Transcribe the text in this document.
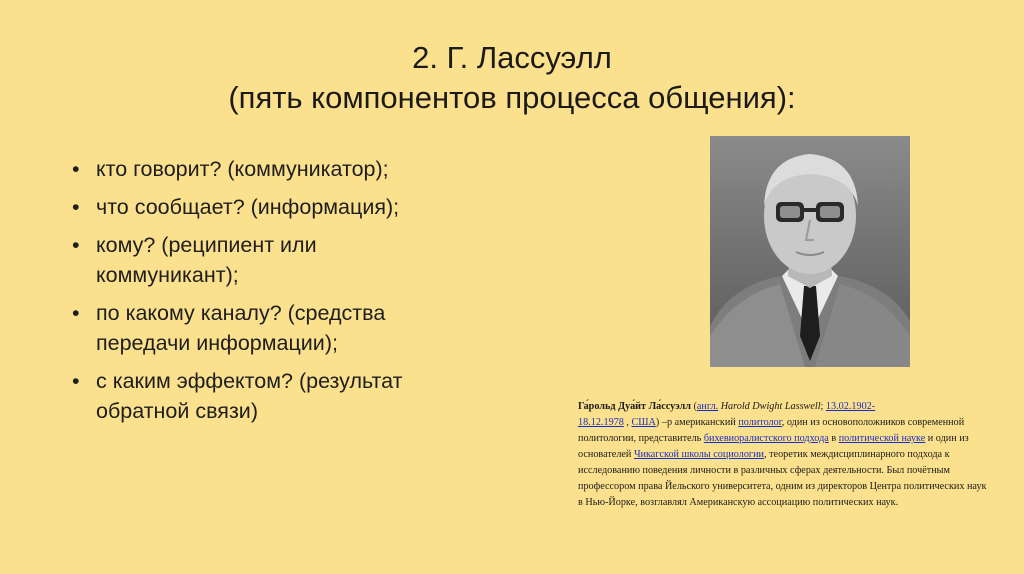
2. Г. Лассуэлл
(пять компонентов процесса общения):
• кто говорит? (коммуникатор);
• что сообщает? (информация);
• кому? (реципиент или
коммуникант);
• по какому каналу? (средства
передачи информации);
• с каким эффектом? (результат
обратной связи)	Га́рольд Дуа́йт Ла́ссуэлл (англ. Harold Dwight Lasswell; 13.02.1902-
18.12.1978 , США) –р американский политолог, один из основоположников современной политологии, представитель бихевиоралистского подхода в политической науке и один из основателей Чикагской школы социологии, теоретик междисциплинарного подхода к исследованию поведения личности в различных сферах деятельности. Был почётным профессором права Йельского университета, одним из директоров Центра политических наук в Нью-Йорке, возглавлял Американскую ассоциацию политических наук.
